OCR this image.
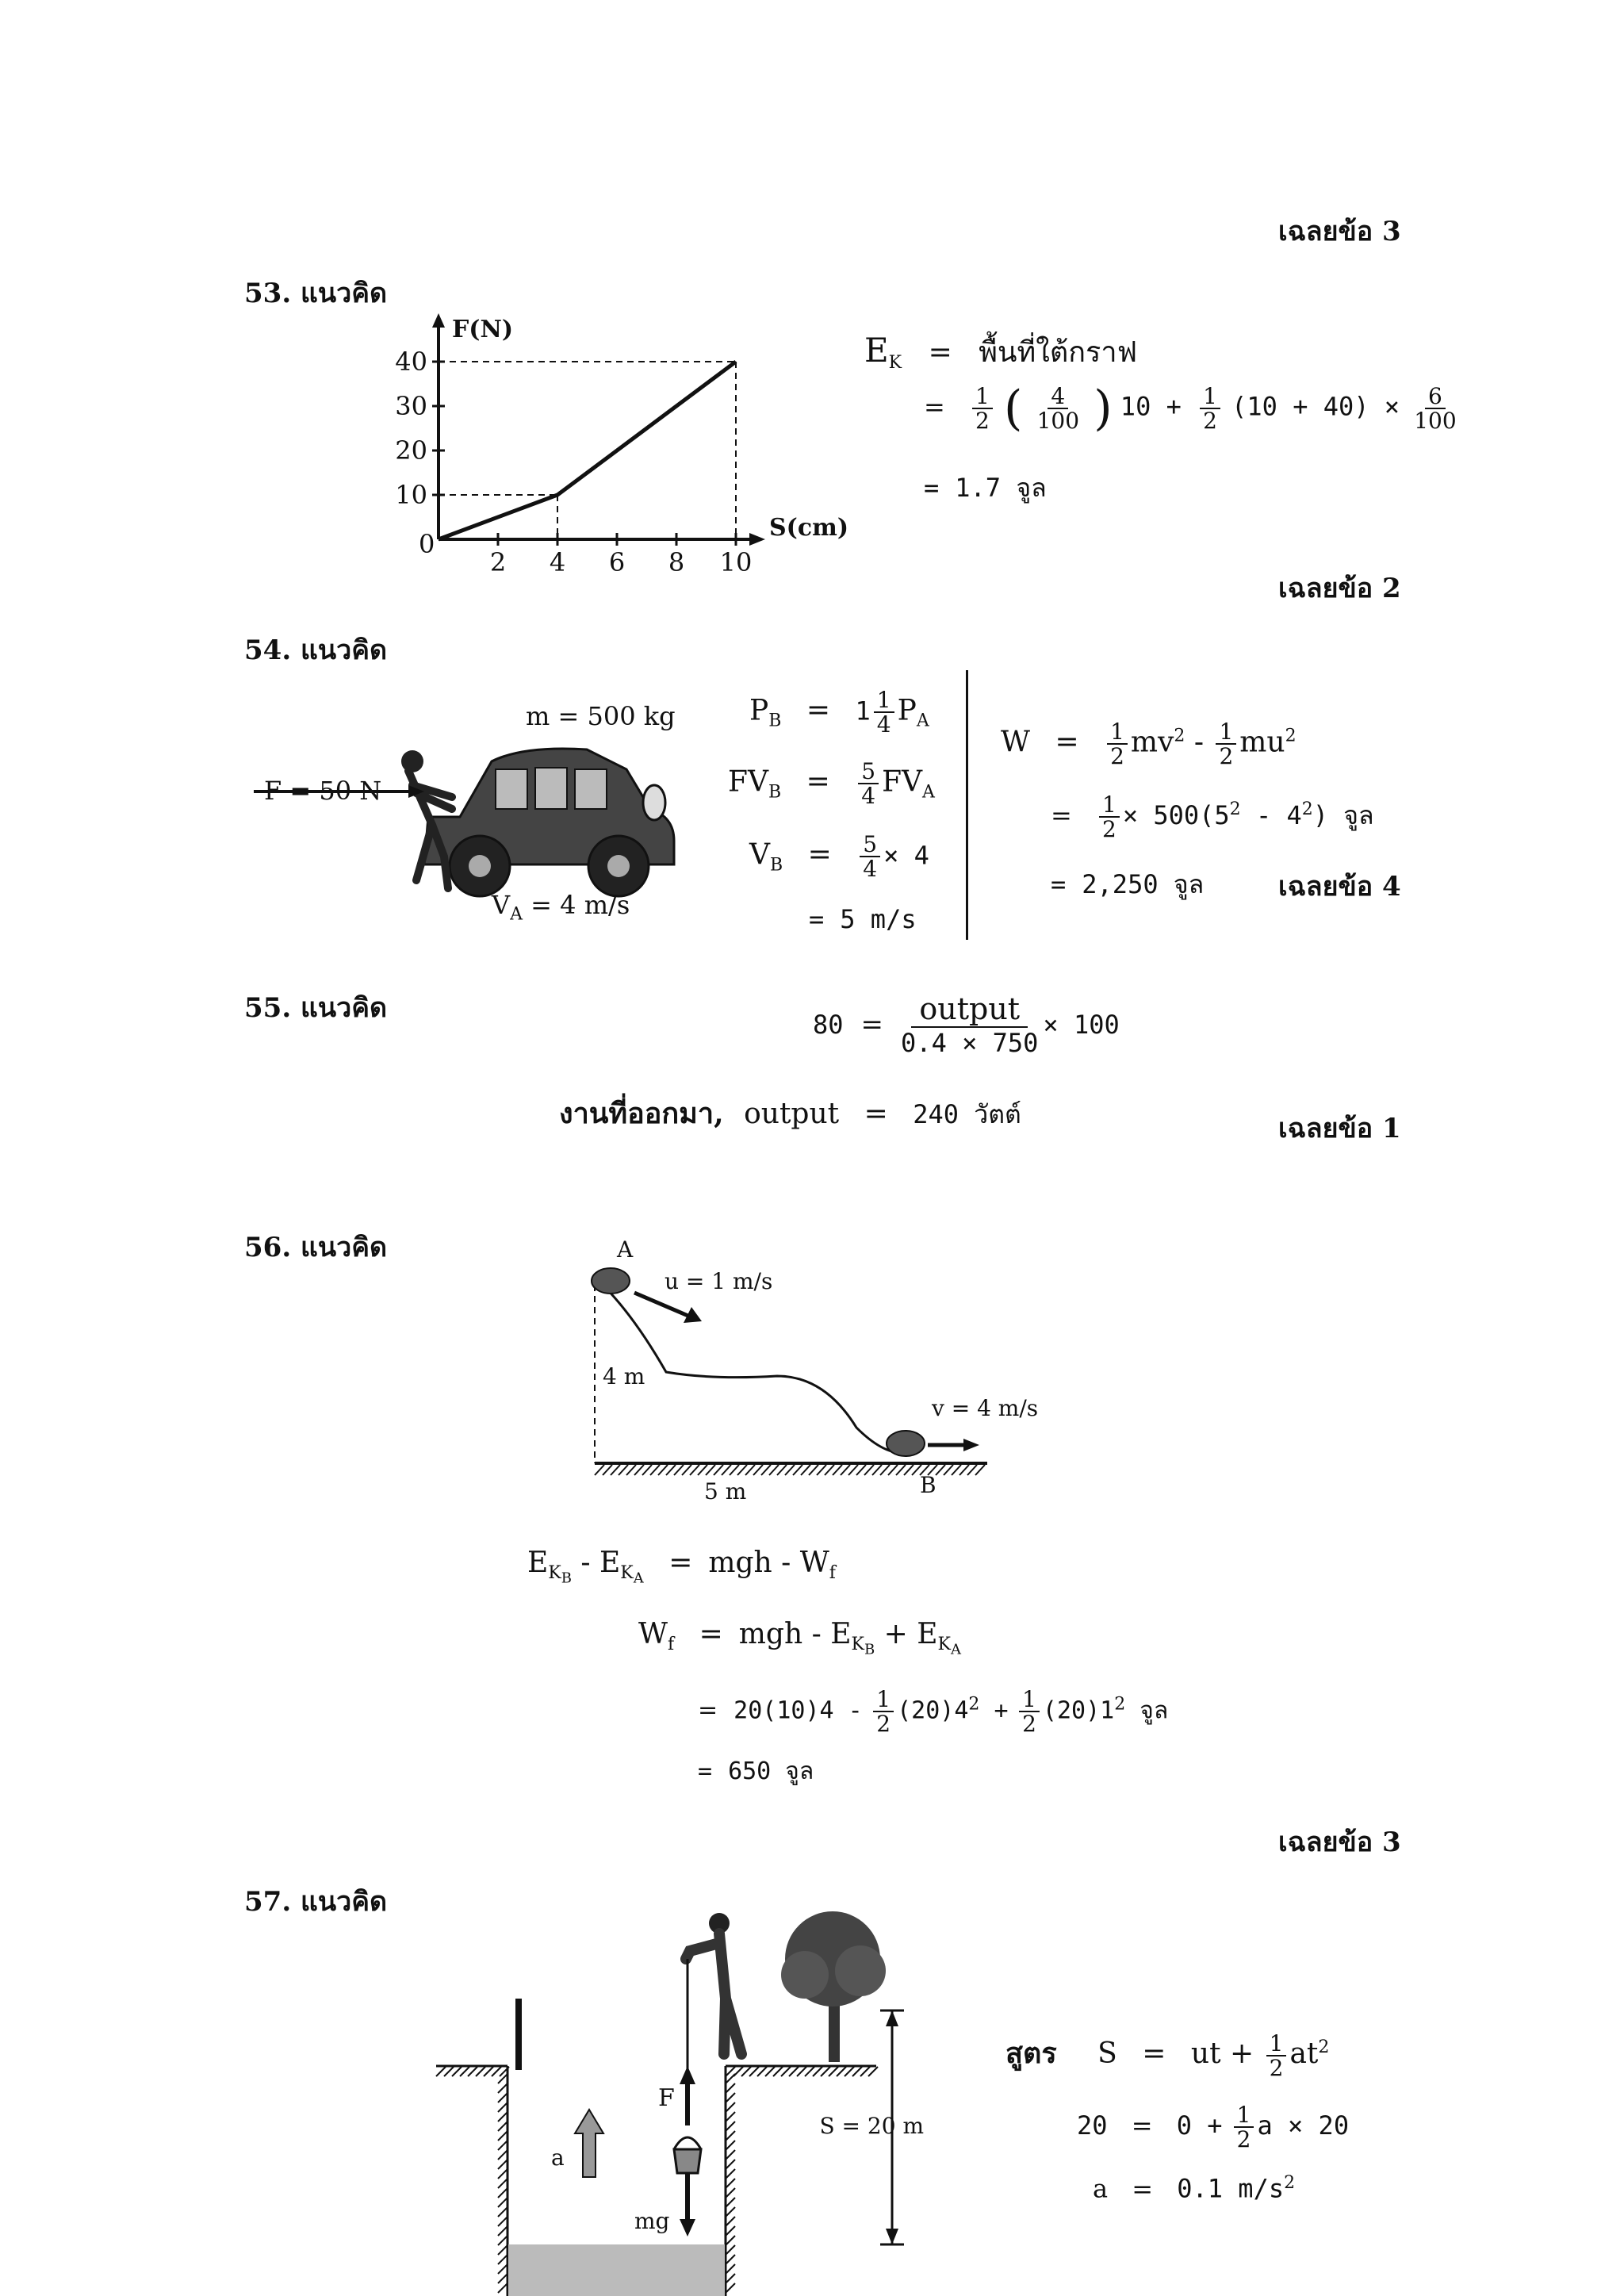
เฉลยข้อ 3
53. แนวคิด
F(N)
S(cm)
0
2 4 6 8 10
10
20
30
40	$E_K$ = พื้นที่ใต้กราฟ
= $\frac{1}{2}$ ( $\frac{4}{100}$ ) $10 + \frac{1}{2} (10 + 40) \times \frac{6}{100}$
= 1.7 จูล
เฉลยข้อ 2
54. แนวคิด
m = 500 kg
F = 50 N
$V_A = 4$ m/s
$P_B = 1 \frac{1}{4} P_A$
$FV_B = \frac{5}{4} FV_A$
$V_B = \frac{5}{4} \times 4$
= 5 m/s
$W = \frac{1}{2} mv^2 - \frac{1}{2} mu^2$
= $\frac{1}{2} \times 500(5^2 - 4^2)$ จูล
= 2,250 จูล	เฉลยข้อ 4
55. แนวคิด
80 = output
0.4 × 750
× 100
งานที่ออกมา, output = 240 วัตต์	เฉลยข้อ 1
56. แนวคิด	A
B
u = 1 m/s
v = 4 m/s
4 m
5 m
$E_{K_B} - E_{K_A}$ = mgh - $W_f$
$W_f$ = mgh - $E_{K_B} + E_{K_A}$
= $20(10)4 - \frac{1}{2} (20)4^2 + \frac{1}{2} (20)1^2$ จูล
= 650 จูล
เฉลยข้อ 3
57. แนวคิด
F
mg
a
S = 20 m
สูตร S = ut + $\frac{1}{2} at^2$
$20 = 0 + \frac{1}{2}$ a × 20
a = 0.1 $m/s^2$
